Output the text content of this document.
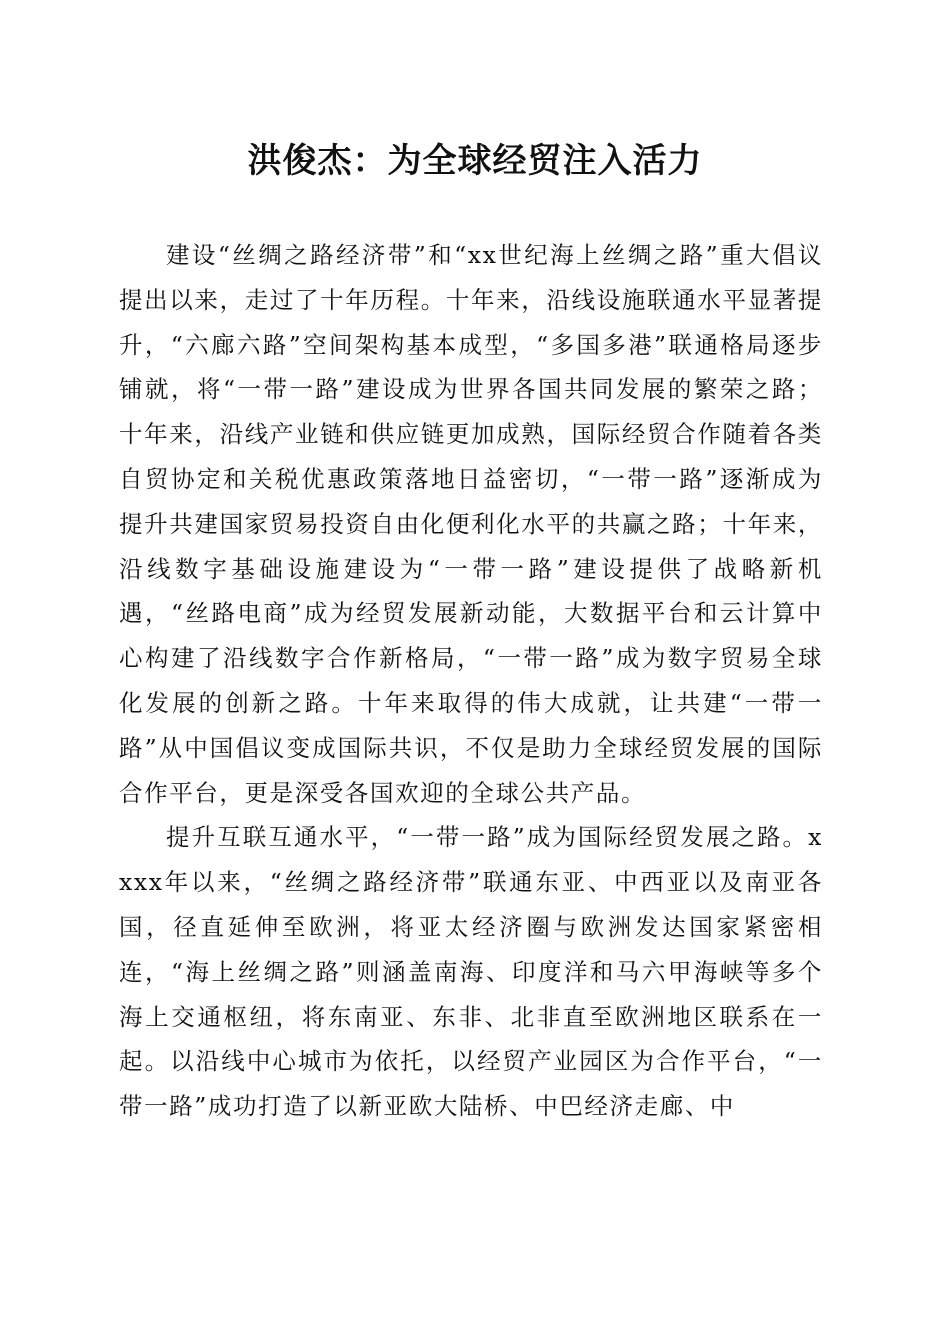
洪俊杰：为全球经贸注入活力

建设“丝绸之路经济带”和“xx世纪海上丝绸之路”重大倡议提出以来，走过了十年历程。十年来，沿线设施联通水平显著提升，“六廊六路”空间架构基本成型，“多国多港”联通格局逐步铺就，将“一带一路”建设成为世界各国共同发展的繁荣之路；十年来，沿线产业链和供应链更加成熟，国际经贸合作随着各类自贸协定和关税优惠政策落地日益密切，“一带一路”逐渐成为提升共建国家贸易投资自由化便利化水平的共赢之路；十年来，沿线数字基础设施建设为“一带一路”建设提供了战略新机遇，“丝路电商”成为经贸发展新动能，大数据平台和云计算中心构建了沿线数字合作新格局，“一带一路”成为数字贸易全球化发展的创新之路。十年来取得的伟大成就，让共建“一带一路”从中国倡议变成国际共识，不仅是助力全球经贸发展的国际合作平台，更是深受各国欢迎的全球公共产品。

提升互联互通水平，“一带一路”成为国际经贸发展之路。xxxx年以来，“丝绸之路经济带”联通东亚、中西亚以及南亚各国，径直延伸至欧洲，将亚太经济圈与欧洲发达国家紧密相连，“海上丝绸之路”则涵盖南海、印度洋和马六甲海峡等多个海上交通枢纽，将东南亚、东非、北非直至欧洲地区联系在一起。以沿线中心城市为依托，以经贸产业园区为合作平台，“一带一路”成功打造了以新亚欧大陆桥、中巴经济走廊、中
